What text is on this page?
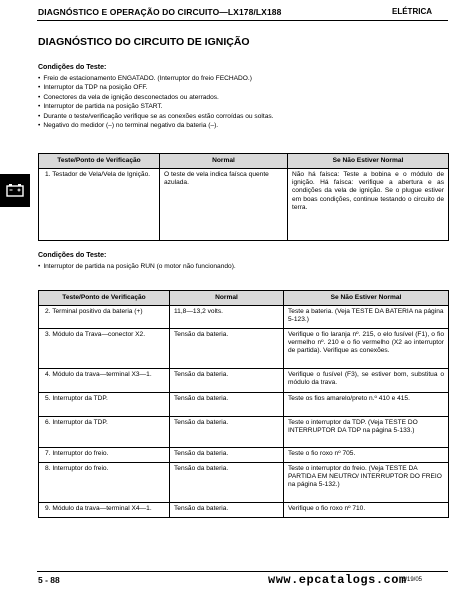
DIAGNÓSTICO E OPERAÇÃO DO CIRCUITO—LX178/LX188	ELÉTRICA
DIAGNÓSTICO DO CIRCUITO DE IGNIÇÃO
Condições do Teste:
• Freio de estacionamento ENGATADO. (Interruptor do freio FECHADO.)
• Interruptor da TDP na posição OFF.
• Conectores da vela de ignição desconectados ou aterrados.
• Interruptor de partida na posição START.
• Durante o teste/verificação verifique se as conexões estão corroídas ou soltas.
• Negativo do medidor (–) no terminal negativo da bateria (–).
Teste/Ponto de Verificação	Normal	Se Não Estiver Normal
1. Testador de Vela/Vela de Ignição.	O teste de vela indica faísca quente azulada.	Não há faísca: Teste a bobina e o módulo de ignição. Há faísca: verifique a abertura e as condições da vela de ignição. Se o plugue estiver em boas condições, continue testando o circuito de terra.
Condições do Teste:
• Interruptor de partida na posição RUN (o motor não funcionando).
Teste/Ponto de Verificação	Normal	Se Não Estiver Normal
2. Terminal positivo da bateria (+)	11,8—13,2 volts.	Teste a bateria. (Veja TESTE DA BATERIA na página 5-123.)
3. Módulo da Trava—conector X2.	Tensão da bateria.	Verifique o fio laranja nº. 215, o elo fusível (F1), o fio vermelho nº. 210 e o fio vermelho (X2 ao interruptor de partida). Verifique as conexões.
4. Módulo da trava—terminal X3—1.	Tensão da bateria.	Verifique o fusível (F3), se estiver bom, substitua o módulo da trava.
5. Interruptor da TDP.	Tensão da bateria.	Teste os fios amarelo/preto n.º 410 e 415.
6. Interruptor da TDP.	Tensão da bateria.	Teste o interruptor da TDP. (Veja TESTE DO INTERRUPTOR DA TDP na página 5-133.)
7. Interruptor do freio.	Tensão da bateria.	Teste o fio roxo nº 705.
8. Interruptor do freio.	Tensão da bateria.	Teste o interruptor do freio. (Veja TESTE DA PARTIDA EM NEUTRO/ INTERRUPTOR DO FREIO na página 5-132.)
9. Módulo da trava—terminal X4—1.	Tensão da bateria.	Verifique o fio roxo nº 710.
5 - 88	www.epcatalogs.com
6/19/05
